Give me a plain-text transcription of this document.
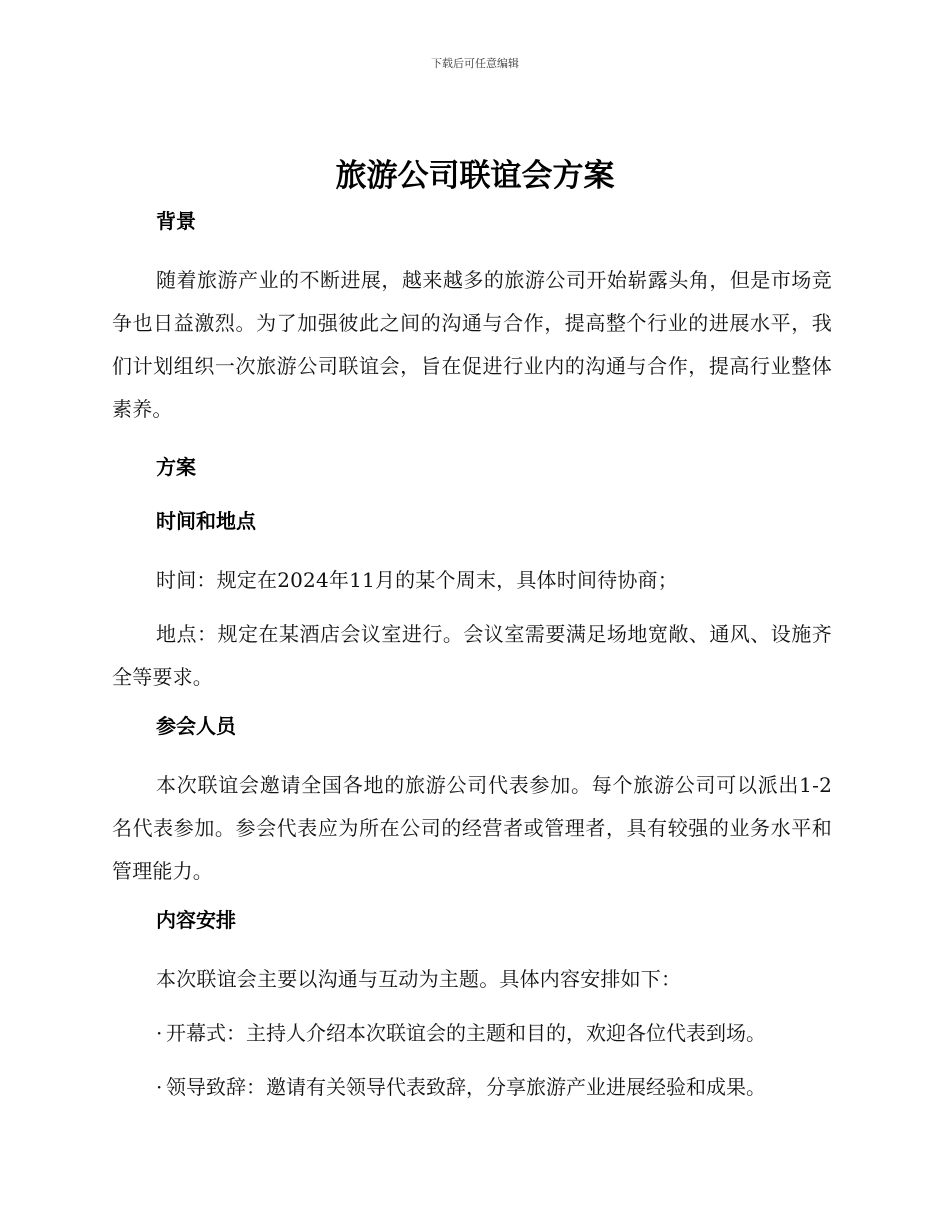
下载后可任意编辑
旅游公司联谊会方案
背景

随着旅游产业的不断进展，越来越多的旅游公司开始崭露头角，但是市场竞争也日益激烈。为了加强彼此之间的沟通与合作，提高整个行业的进展水平，我们计划组织一次旅游公司联谊会，旨在促进行业内的沟通与合作，提高行业整体素养。

方案
时间和地点

时间：规定在2024年11月的某个周末，具体时间待协商；

地点：规定在某酒店会议室进行。会议室需要满足场地宽敞、通风、设施齐全等要求。

参会人员

本次联谊会邀请全国各地的旅游公司代表参加。每个旅游公司可以派出1-2名代表参加。参会代表应为所在公司的经营者或管理者，具有较强的业务水平和管理能力。

内容安排

本次联谊会主要以沟通与互动为主题。具体内容安排如下：

· 开幕式：主持人介绍本次联谊会的主题和目的，欢迎各位代表到场。
· 领导致辞：邀请有关领导代表致辞，分享旅游产业进展经验和成果。
